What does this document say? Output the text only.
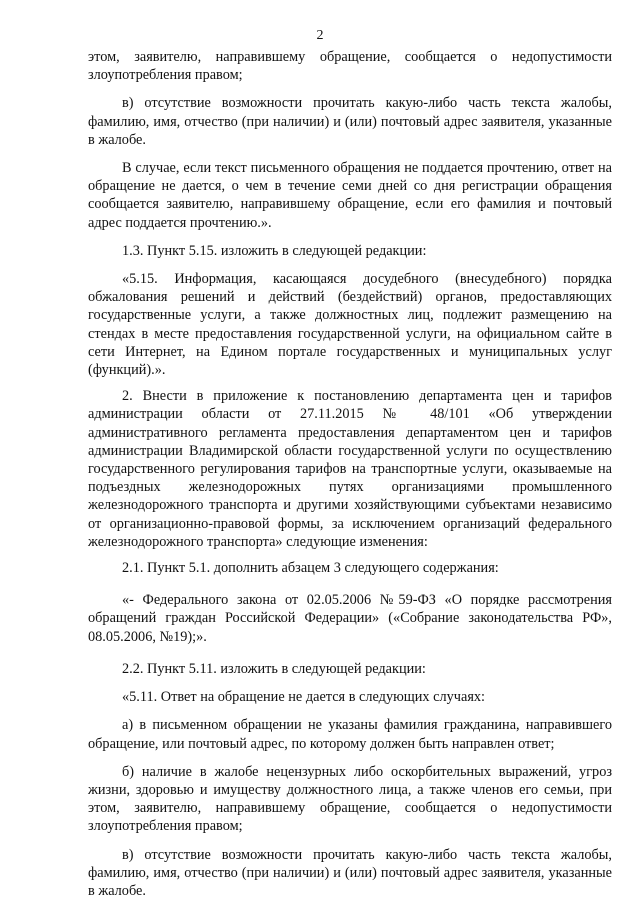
2

этом, заявителю, направившему обращение, сообщается о недопустимости злоупотребления правом;

в) отсутствие возможности прочитать какую-либо часть текста жалобы, фамилию, имя, отчество (при наличии) и (или) почтовый адрес заявителя, указанные в жалобе.

В случае, если текст письменного обращения не поддается прочтению, ответ на обращение не дается, о чем в течение семи дней со дня регистрации обращения сообщается заявителю, направившему обращение, если его фамилия и почтовый адрес поддается прочтению.».

1.3. Пункт 5.15. изложить в следующей редакции:

«5.15. Информация, касающаяся досудебного (внесудебного) порядка обжалования решений и действий (бездействий) органов, предоставляющих государственные услуги, а также должностных лиц, подлежит размещению на стендах в месте предоставления государственной услуги, на официальном сайте в сети Интернет, на Едином портале государственных и муниципальных услуг (функций).».

2. Внести в приложение к постановлению департамента цен и тарифов администрации области от 27.11.2015 № 48/101 «Об утверждении административного регламента предоставления департаментом цен и тарифов администрации Владимирской области государственной услуги по осуществлению государственного регулирования тарифов на транспортные услуги, оказываемые на подъездных железнодорожных путях организациями промышленного железнодорожного транспорта и другими хозяйствующими субъектами независимо от организационно-правовой формы, за исключением организаций федерального железнодорожного транспорта» следующие изменения:

2.1. Пункт 5.1. дополнить абзацем 3 следующего содержания:

«- Федерального закона от 02.05.2006 №59-ФЗ «О порядке рассмотрения обращений граждан Российской Федерации» («Собрание законодательства РФ», 08.05.2006, №19);».

2.2. Пункт 5.11. изложить в следующей редакции:

«5.11. Ответ на обращение не дается в следующих случаях:

а) в письменном обращении не указаны фамилия гражданина, направившего обращение, или почтовый адрес, по которому должен быть направлен ответ;

б) наличие в жалобе нецензурных либо оскорбительных выражений, угроз жизни, здоровью и имуществу должностного лица, а также членов его семьи, при этом, заявителю, направившему обращение, сообщается о недопустимости злоупотребления правом;

в) отсутствие возможности прочитать какую-либо часть текста жалобы, фамилию, имя, отчество (при наличии) и (или) почтовый адрес заявителя, указанные в жалобе.
